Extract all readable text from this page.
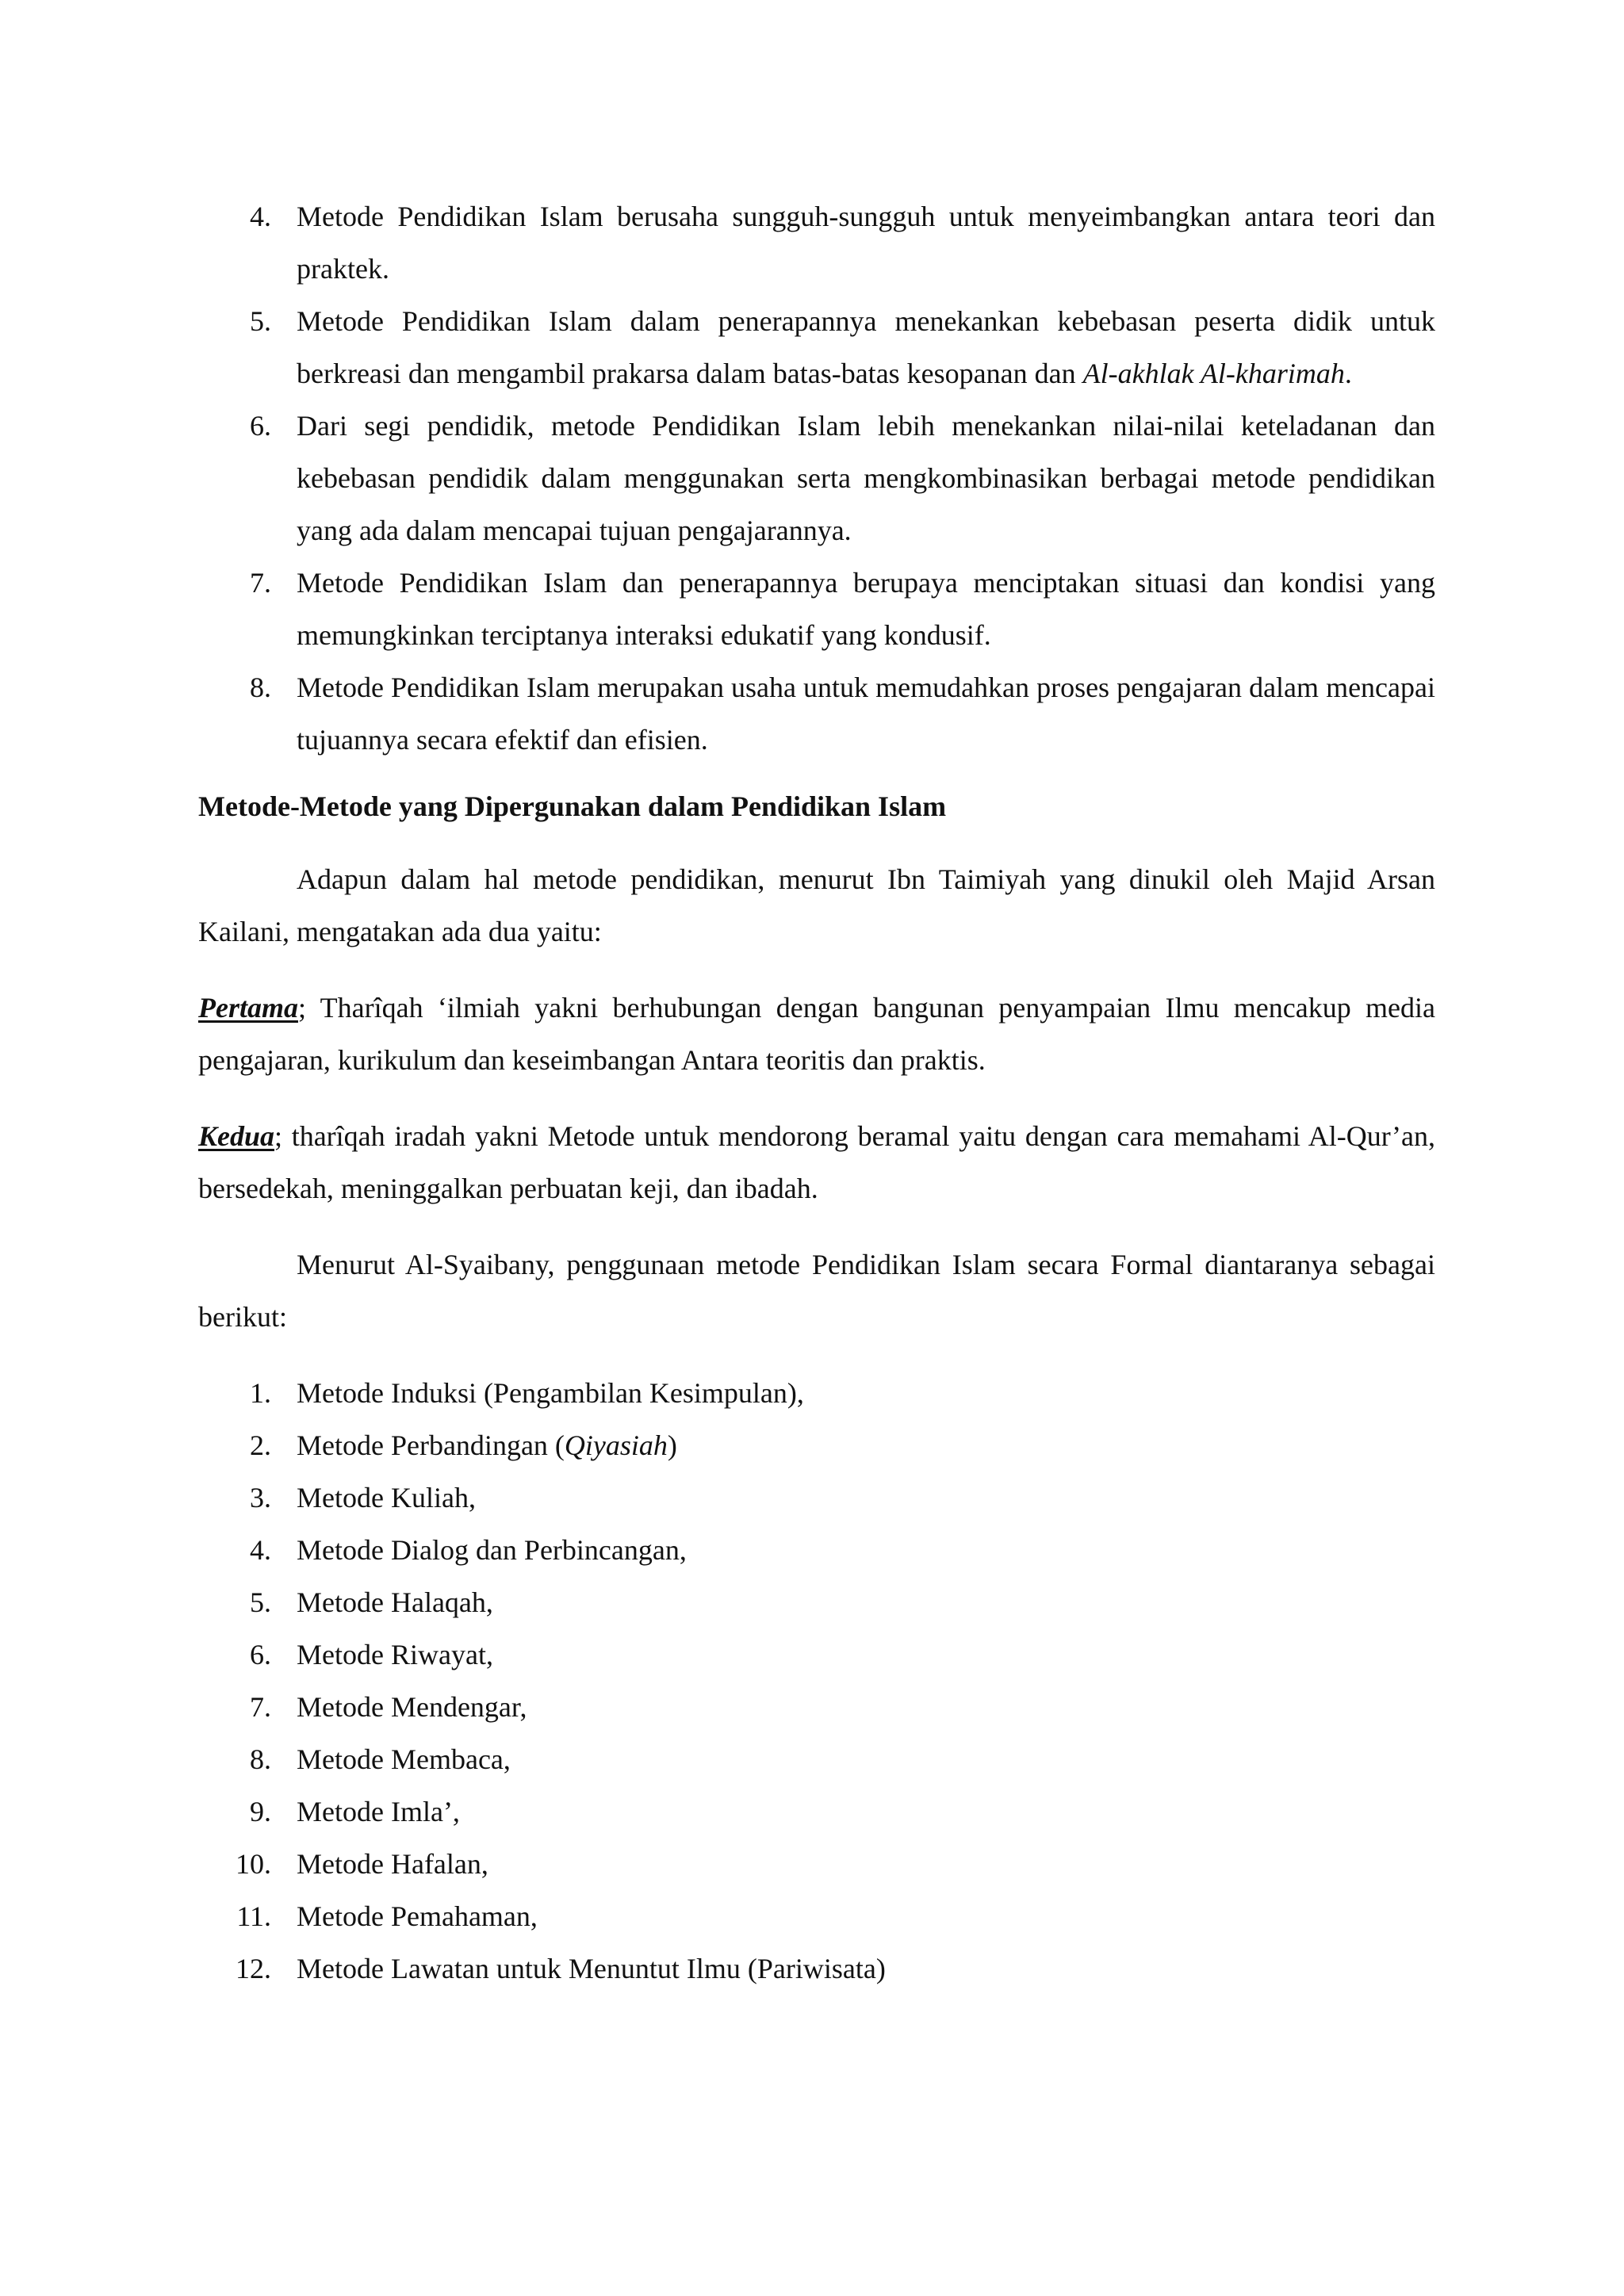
4. Metode Pendidikan Islam berusaha sungguh-sungguh untuk menyeimbangkan antara teori dan praktek.
5. Metode Pendidikan Islam dalam penerapannya menekankan kebebasan peserta didik untuk berkreasi dan mengambil prakarsa dalam batas-batas kesopanan dan Al-akhlak Al-kharimah.
6. Dari segi pendidik, metode Pendidikan Islam lebih menekankan nilai-nilai keteladanan dan kebebasan pendidik dalam menggunakan serta mengkombinasikan berbagai metode pendidikan yang ada dalam mencapai tujuan pengajarannya.
7. Metode Pendidikan Islam dan penerapannya berupaya menciptakan situasi dan kondisi yang memungkinkan terciptanya interaksi edukatif yang kondusif.
8. Metode Pendidikan Islam merupakan usaha untuk memudahkan proses pengajaran dalam mencapai tujuannya secara efektif dan efisien.
Metode-Metode yang Dipergunakan dalam Pendidikan Islam

Adapun dalam hal metode pendidikan, menurut Ibn Taimiyah yang dinukil oleh Majid Arsan Kailani, mengatakan ada dua yaitu:

Pertama; Tharîqah ‘ilmiah yakni berhubungan dengan bangunan penyampaian Ilmu mencakup media pengajaran, kurikulum dan keseimbangan Antara teoritis dan praktis.

Kedua; tharîqah iradah yakni Metode untuk mendorong beramal yaitu dengan cara memahami Al-Qur’an, bersedekah, meninggalkan perbuatan keji, dan ibadah.

Menurut Al-Syaibany, penggunaan metode Pendidikan Islam secara Formal diantaranya sebagai berikut:

1. Metode Induksi (Pengambilan Kesimpulan),
2. Metode Perbandingan (Qiyasiah)
3. Metode Kuliah,
4. Metode Dialog dan Perbincangan,
5. Metode Halaqah,
6. Metode Riwayat,
7. Metode Mendengar,
8. Metode Membaca,
9. Metode Imla’,
10. Metode Hafalan,
11. Metode Pemahaman,
12. Metode Lawatan untuk Menuntut Ilmu (Pariwisata)
